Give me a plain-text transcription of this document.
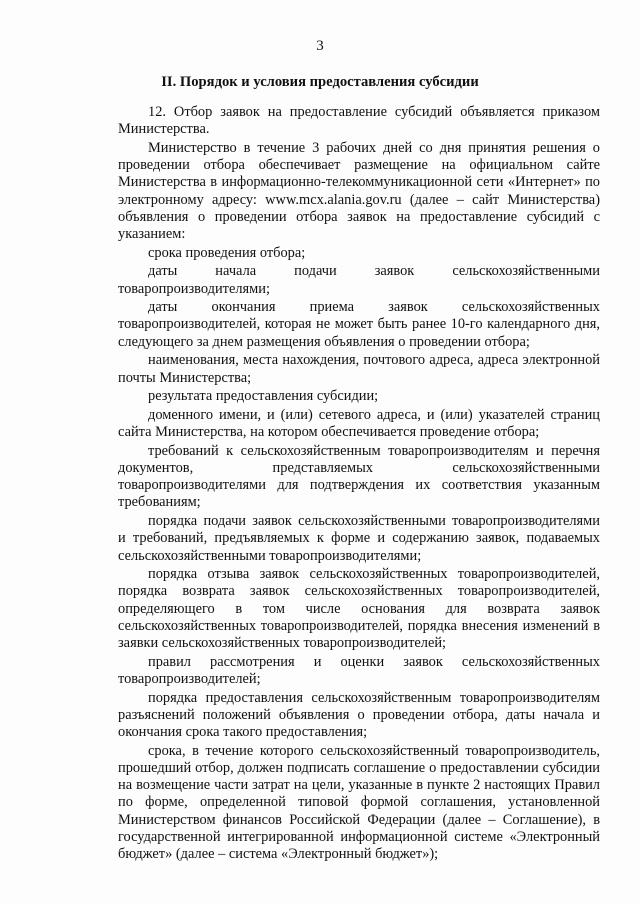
3
II. Порядок и условия предоставления субсидии

12. Отбор заявок на предоставление субсидий объявляется приказом Министерства.

Министерство в течение 3 рабочих дней со дня принятия решения о проведении отбора обеспечивает размещение на официальном сайте Министерства в информационно-телекоммуникационной сети «Интернет» по электронному адресу: www.mcx.alania.gov.ru (далее – сайт Министерства) объявления о проведении отбора заявок на предоставление субсидий с указанием:

срока проведения отбора;

даты начала подачи заявок сельскохозяйственными товаропроизводителями;

даты окончания приема заявок сельскохозяйственных товаропроизводителей, которая не может быть ранее 10-го календарного дня, следующего за днем размещения объявления о проведении отбора;

наименования, места нахождения, почтового адреса, адреса электронной почты Министерства;

результата предоставления субсидии;

доменного имени, и (или) сетевого адреса, и (или) указателей страниц сайта Министерства, на котором обеспечивается проведение отбора;

требований к сельскохозяйственным товаропроизводителям и перечня документов, представляемых сельскохозяйственными товаропроизводителями для подтверждения их соответствия указанным требованиям;

порядка подачи заявок сельскохозяйственными товаропроизводителями и требований, предъявляемых к форме и содержанию заявок, подаваемых сельскохозяйственными товаропроизводителями;

порядка отзыва заявок сельскохозяйственных товаропроизводителей, порядка возврата заявок сельскохозяйственных товаропроизводителей, определяющего в том числе основания для возврата заявок сельскохозяйственных товаропроизводителей, порядка внесения изменений в заявки сельскохозяйственных товаропроизводителей;

правил рассмотрения и оценки заявок сельскохозяйственных товаропроизводителей;

порядка предоставления сельскохозяйственным товаропроизводителям разъяснений положений объявления о проведении отбора, даты начала и окончания срока такого предоставления;

срока, в течение которого сельскохозяйственный товаропроизводитель, прошедший отбор, должен подписать соглашение о предоставлении субсидии на возмещение части затрат на цели, указанные в пункте 2 настоящих Правил по форме, определенной типовой формой соглашения, установленной Министерством финансов Российской Федерации (далее – Соглашение), в государственной интегрированной информационной системе «Электронный бюджет» (далее – система «Электронный бюджет»);
